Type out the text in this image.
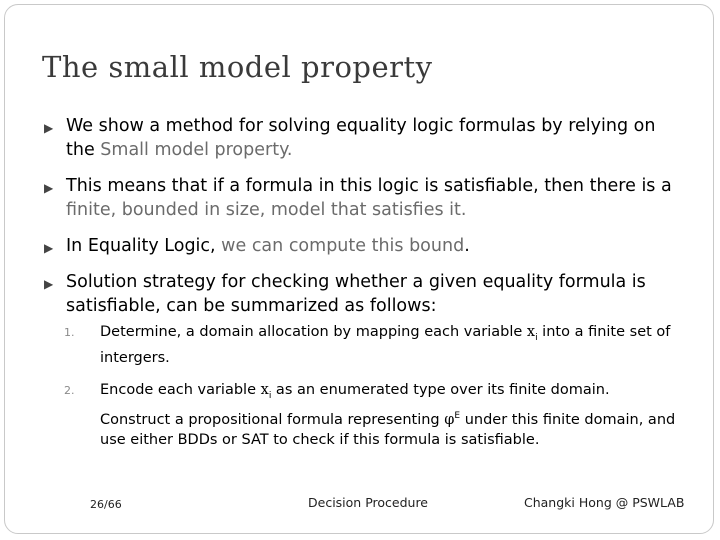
The small model property
▶ We show a method for solving equality logic formulas by relying on the Small model property.
▶ This means that if a formula in this logic is satisfiable, then there is a finite, bounded in size, model that satisfies it.
▶ In Equality Logic, we can compute this bound.
▶ Solution strategy for checking whether a given equality formula is satisfiable, can be summarized as follows:
1. Determine, a domain allocation by mapping each variable $x_i$ into a finite set of intergers.
2. Encode each variable $x_i$ as an enumerated type over its finite domain. Construct a propositional formula representing $\varphi^E$ under this finite domain, and use either BDDs or SAT to check if this formula is satisfiable.
26/66	Decision Procedure	Changki Hong @ PSWLAB
